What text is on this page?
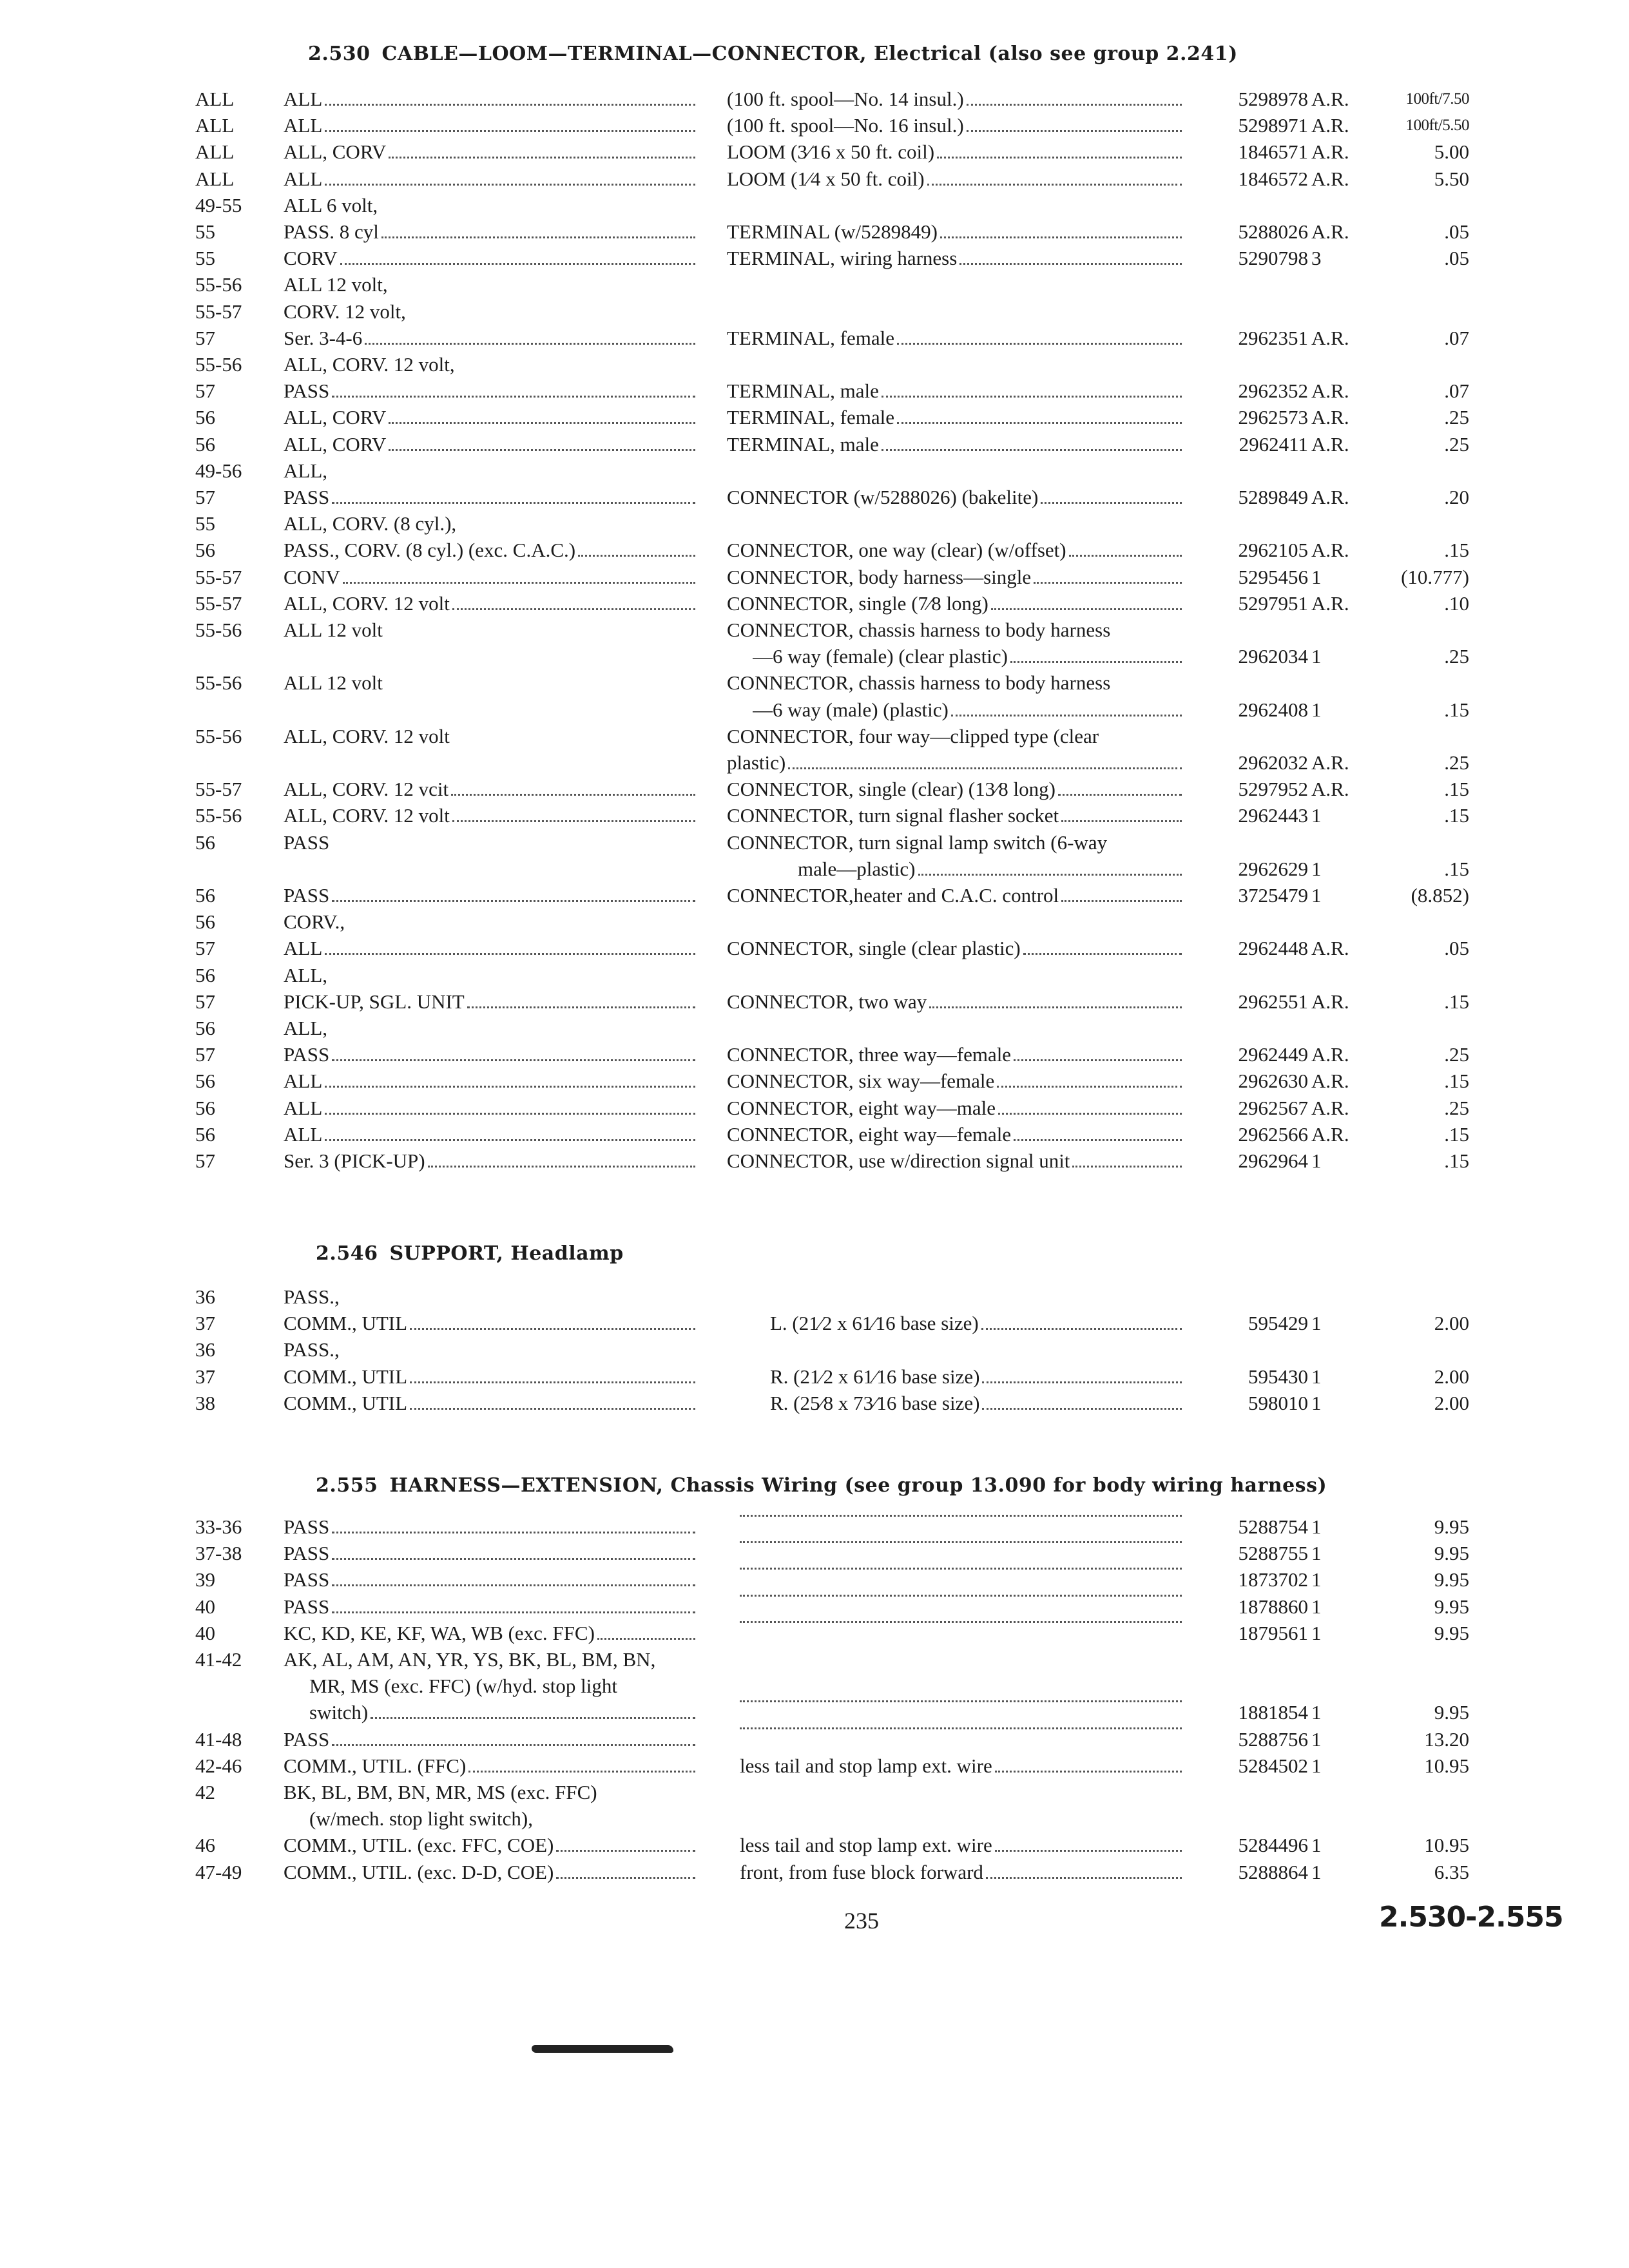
2.530 CABLE—LOOM—TERMINAL—CONNECTOR, Electrical (also see group 2.241)
ALL	ALL	(100 ft. spool—No. 14 insul.)	5298978 A.R.	100ft/7.50
ALL	ALL	(100 ft. spool—No. 16 insul.)	5298971 A.R.	100ft/5.50
ALL	ALL, CORV	LOOM (3⁄16 x 50 ft. coil)	1846571 A.R.	5.00
ALL	ALL	LOOM (1⁄4 x 50 ft. coil)	1846572 A.R.	5.50
49-55	ALL 6 volt,
55	PASS. 8 cyl	TERMINAL (w/5289849)	5288026 A.R.	.05
55	CORV	TERMINAL, wiring harness	5290798 3	.05
55-56	ALL 12 volt,
55-57	CORV. 12 volt,
57	Ser. 3-4-6	TERMINAL, female	2962351 A.R.	.07
55-56	ALL, CORV. 12 volt,
57	PASS	TERMINAL, male	2962352 A.R.	.07
56	ALL, CORV	TERMINAL, female	2962573 A.R.	.25
56	ALL, CORV	TERMINAL, male	2962411 A.R.	.25
49-56	ALL,
57	PASS	CONNECTOR (w/5288026) (bakelite)	5289849 A.R.	.20
55	ALL, CORV. (8 cyl.),
56	PASS., CORV. (8 cyl.) (exc. C.A.C.)	CONNECTOR, one way (clear) (w/offset)	2962105 A.R.	.15
55-57	CONV	CONNECTOR, body harness—single	5295456 1	(10.777)
55-57	ALL, CORV. 12 volt	CONNECTOR, single (7⁄8 long)	5297951 A.R.	.10
55-56	ALL 12 volt	CONNECTOR, chassis harness to body harness
—6 way (female) (clear plastic)	2962034 1	.25
55-56	ALL 12 volt	CONNECTOR, chassis harness to body harness
—6 way (male) (plastic)	2962408 1	.15
55-56	ALL, CORV. 12 volt	CONNECTOR, four way—clipped type (clear
plastic)	2962032 A.R.	.25
55-57	ALL, CORV. 12 vcit	CONNECTOR, single (clear) (13⁄8 long)	5297952 A.R.	.15
55-56	ALL, CORV. 12 volt	CONNECTOR, turn signal flasher socket	2962443 1	.15
56	PASS	CONNECTOR, turn signal lamp switch (6-way
male—plastic)	2962629 1	.15
56	PASS	CONNECTOR,heater and C.A.C. control	3725479 1	(8.852)
56	CORV.,
57	ALL	CONNECTOR, single (clear plastic)	2962448 A.R.	.05
56	ALL,
57	PICK-UP, SGL. UNIT	CONNECTOR, two way	2962551 A.R.	.15
56	ALL,
57	PASS	CONNECTOR, three way—female	2962449 A.R.	.25
56	ALL	CONNECTOR, six way—female	2962630 A.R.	.15
56	ALL	CONNECTOR, eight way—male	2962567 A.R.	.25
56	ALL	CONNECTOR, eight way—female	2962566 A.R.	.15
57	Ser. 3 (PICK-UP)	CONNECTOR, use w/direction signal unit	2962964 1	.15
2.546 SUPPORT, Headlamp
36	PASS.,
37	COMM., UTIL	L. (21⁄2 x 61⁄16 base size)	595429 1	2.00
36	PASS.,
37	COMM., UTIL	R. (21⁄2 x 61⁄16 base size)	595430 1	2.00
38	COMM., UTIL	R. (25⁄8 x 73⁄16 base size)	598010 1	2.00
2.555 HARNESS—EXTENSION, Chassis Wiring (see group 13.090 for body wiring harness)
33-36	PASS	5288754 1	9.95
37-38	PASS	5288755 1	9.95
39	PASS	1873702 1	9.95
40	PASS	1878860 1	9.95
40	KC, KD, KE, KF, WA, WB (exc. FFC)	1879561 1	9.95
41-42	AK, AL, AM, AN, YR, YS, BK, BL, BM, BN,
MR, MS (exc. FFC) (w/hyd. stop light
switch)	1881854 1	9.95
41-48	PASS	5288756 1	13.20
42-46	COMM., UTIL. (FFC)	less tail and stop lamp ext. wire	5284502 1	10.95
42	BK, BL, BM, BN, MR, MS (exc. FFC)
(w/mech. stop light switch),
46	COMM., UTIL. (exc. FFC, COE)	less tail and stop lamp ext. wire	5284496 1	10.95
47-49	COMM., UTIL. (exc. D-D, COE)	front, from fuse block forward	5288864 1	6.35
235	2.530-2.555
